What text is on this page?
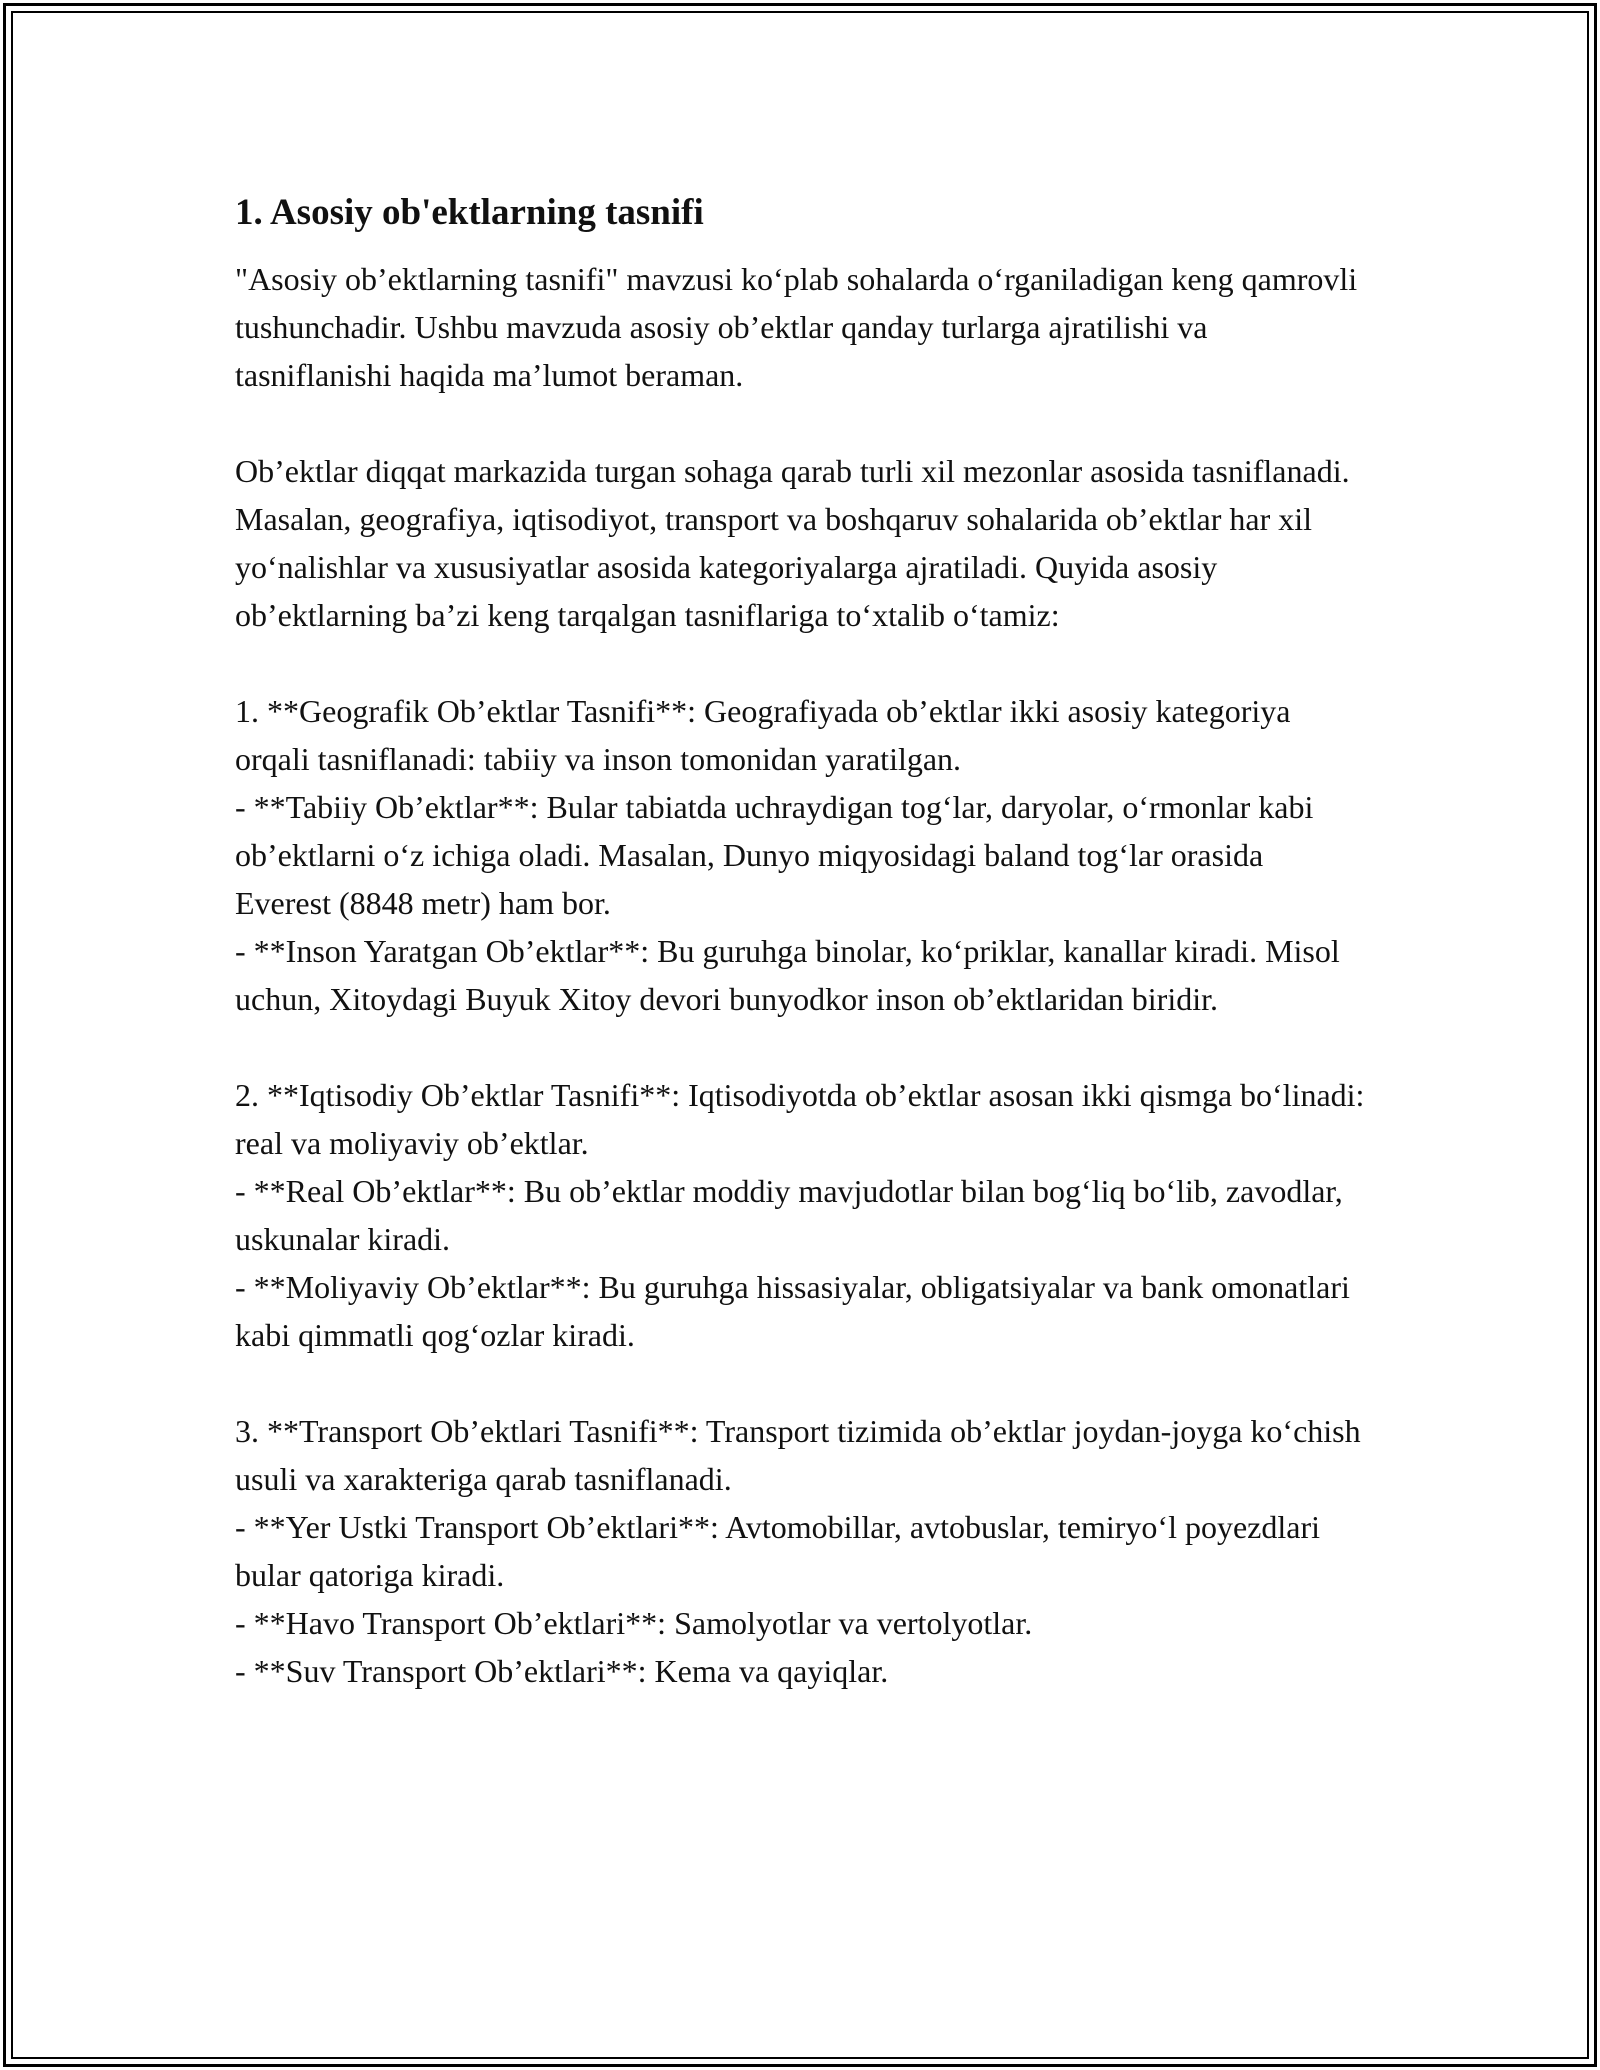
1. Asosiy ob'ektlarning tasnifi

"Asosiy ob’ektlarning tasnifi" mavzusi ko‘plab sohalarda o‘rganiladigan keng qamrovli tushunchadir. Ushbu mavzuda asosiy ob’ektlar qanday turlarga ajratilishi va tasniflanishi haqida ma’lumot beraman.

Ob’ektlar diqqat markazida turgan sohaga qarab turli xil mezonlar asosida tasniflanadi. Masalan, geografiya, iqtisodiyot, transport va boshqaruv sohalarida ob’ektlar har xil yo‘nalishlar va xususiyatlar asosida kategoriyalarga ajratiladi. Quyida asosiy ob’ektlarning ba’zi keng tarqalgan tasniflariga to‘xtalib o‘tamiz:

1. **Geografik Ob’ektlar Tasnifi**: Geografiyada ob’ektlar ikki asosiy kategoriya orqali tasniflanadi: tabiiy va inson tomonidan yaratilgan.
- **Tabiiy Ob’ektlar**: Bular tabiatda uchraydigan tog‘lar, daryolar, o‘rmonlar kabi ob’ektlarni o‘z ichiga oladi. Masalan, Dunyo miqyosidagi baland tog‘lar orasida Everest (8848 metr) ham bor.
- **Inson Yaratgan Ob’ektlar**: Bu guruhga binolar, ko‘priklar, kanallar kiradi. Misol uchun, Xitoydagi Buyuk Xitoy devori bunyodkor inson ob’ektlaridan biridir.

2. **Iqtisodiy Ob’ektlar Tasnifi**: Iqtisodiyotda ob’ektlar asosan ikki qismga bo‘linadi: real va moliyaviy ob’ektlar.
- **Real Ob’ektlar**: Bu ob’ektlar moddiy mavjudotlar bilan bog‘liq bo‘lib, zavodlar, uskunalar kiradi.
- **Moliyaviy Ob’ektlar**: Bu guruhga hissasiyalar, obligatsiyalar va bank omonatlari kabi qimmatli qog‘ozlar kiradi.

3. **Transport Ob’ektlari Tasnifi**: Transport tizimida ob’ektlar joydan-joyga ko‘chish usuli va xarakteriga qarab tasniflanadi.
- **Yer Ustki Transport Ob’ektlari**: Avtomobillar, avtobuslar, temiryo‘l poyezdlari bular qatoriga kiradi.
- **Havo Transport Ob’ektlari**: Samolyotlar va vertolyotlar.
- **Suv Transport Ob’ektlari**: Kema va qayiqlar.
